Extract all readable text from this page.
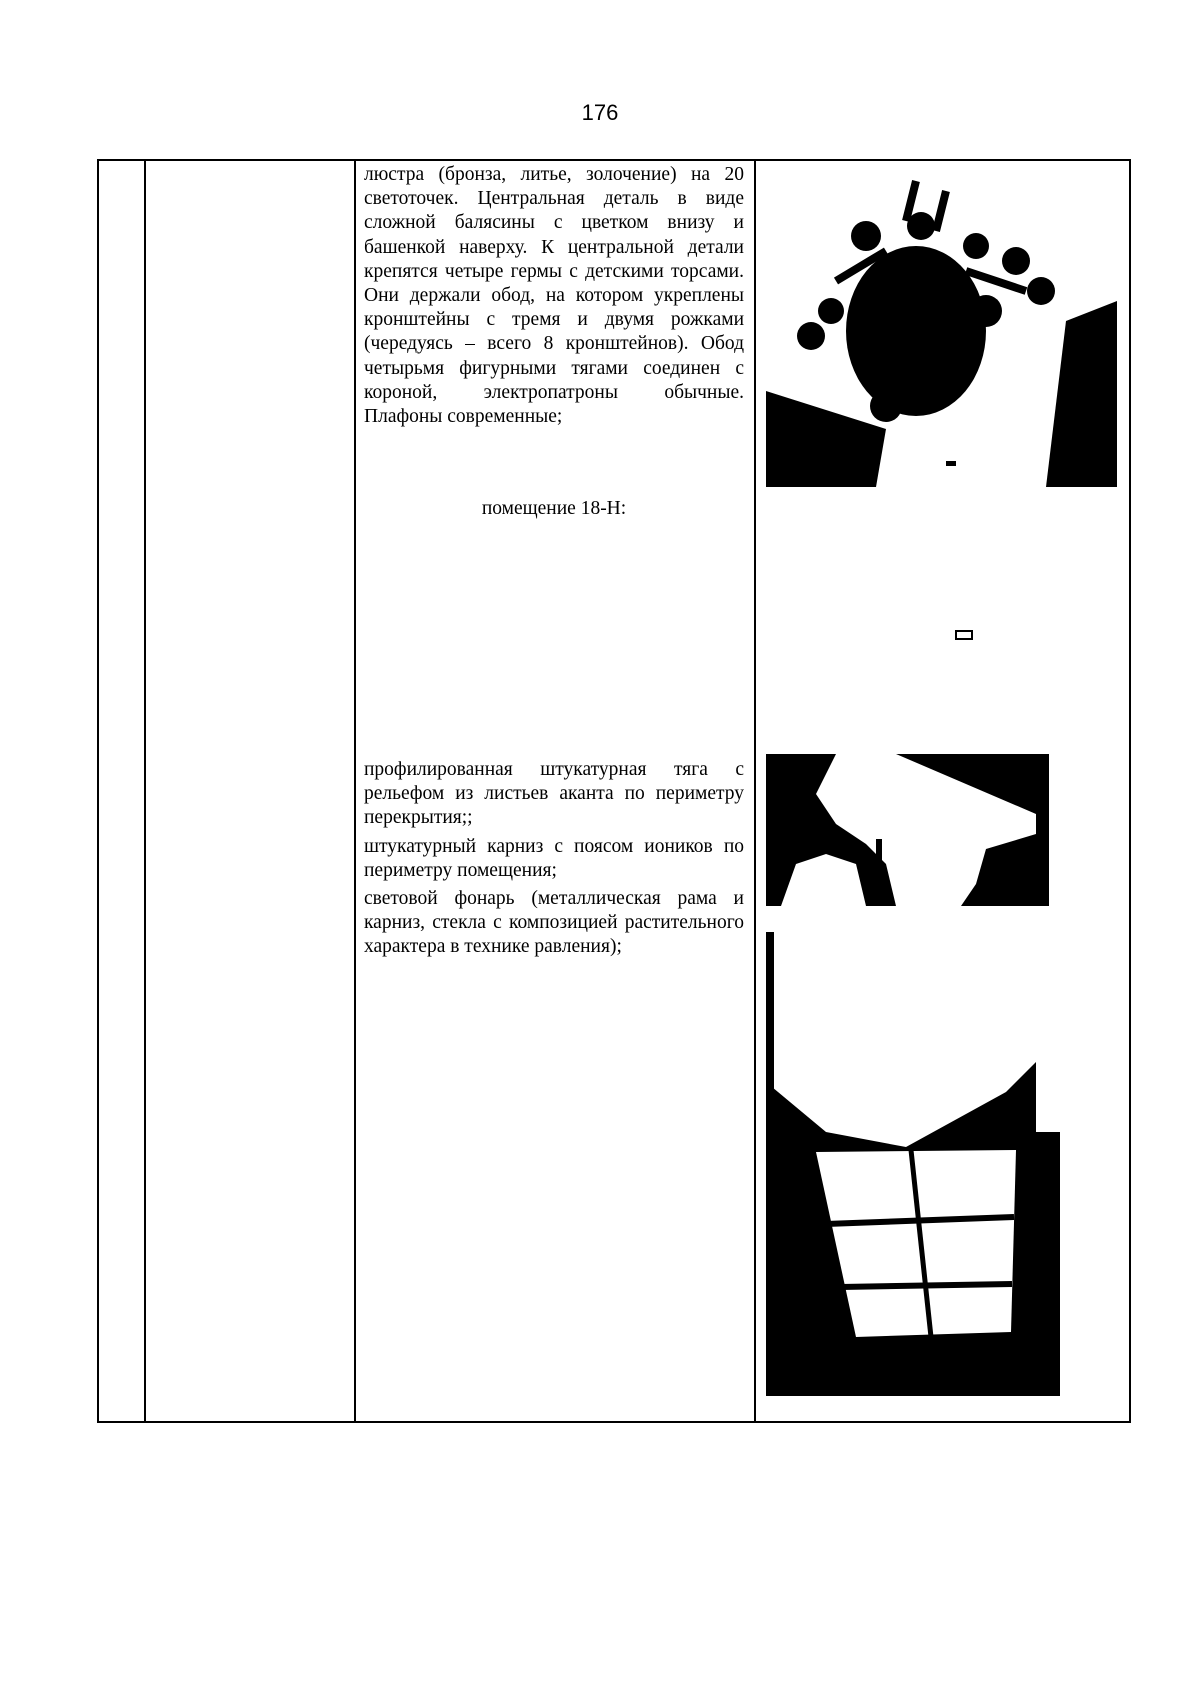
176

люстра (бронза, литье, золочение) на 20 светоточек. Центральная деталь в виде сложной балясины с цветком внизу и башенкой наверху. К центральной детали крепятся четыре гермы с детскими торсами. Они держали обод, на котором укреплены кронштейны с тремя и двумя рожками (чередуясь – всего 8 кронштейнов). Обод четырьмя фигурными тягами соединен с короной, электропатроны обычные. Плафоны современные;

помещение 18-Н:

профилированная штукатурная тяга с рельефом из листьев аканта по периметру перекрытия;;

штукатурный карниз с поясом иоников по периметру помещения;

световой фонарь (металлическая рама и карниз, стекла с композицией растительного характера в технике равления);
